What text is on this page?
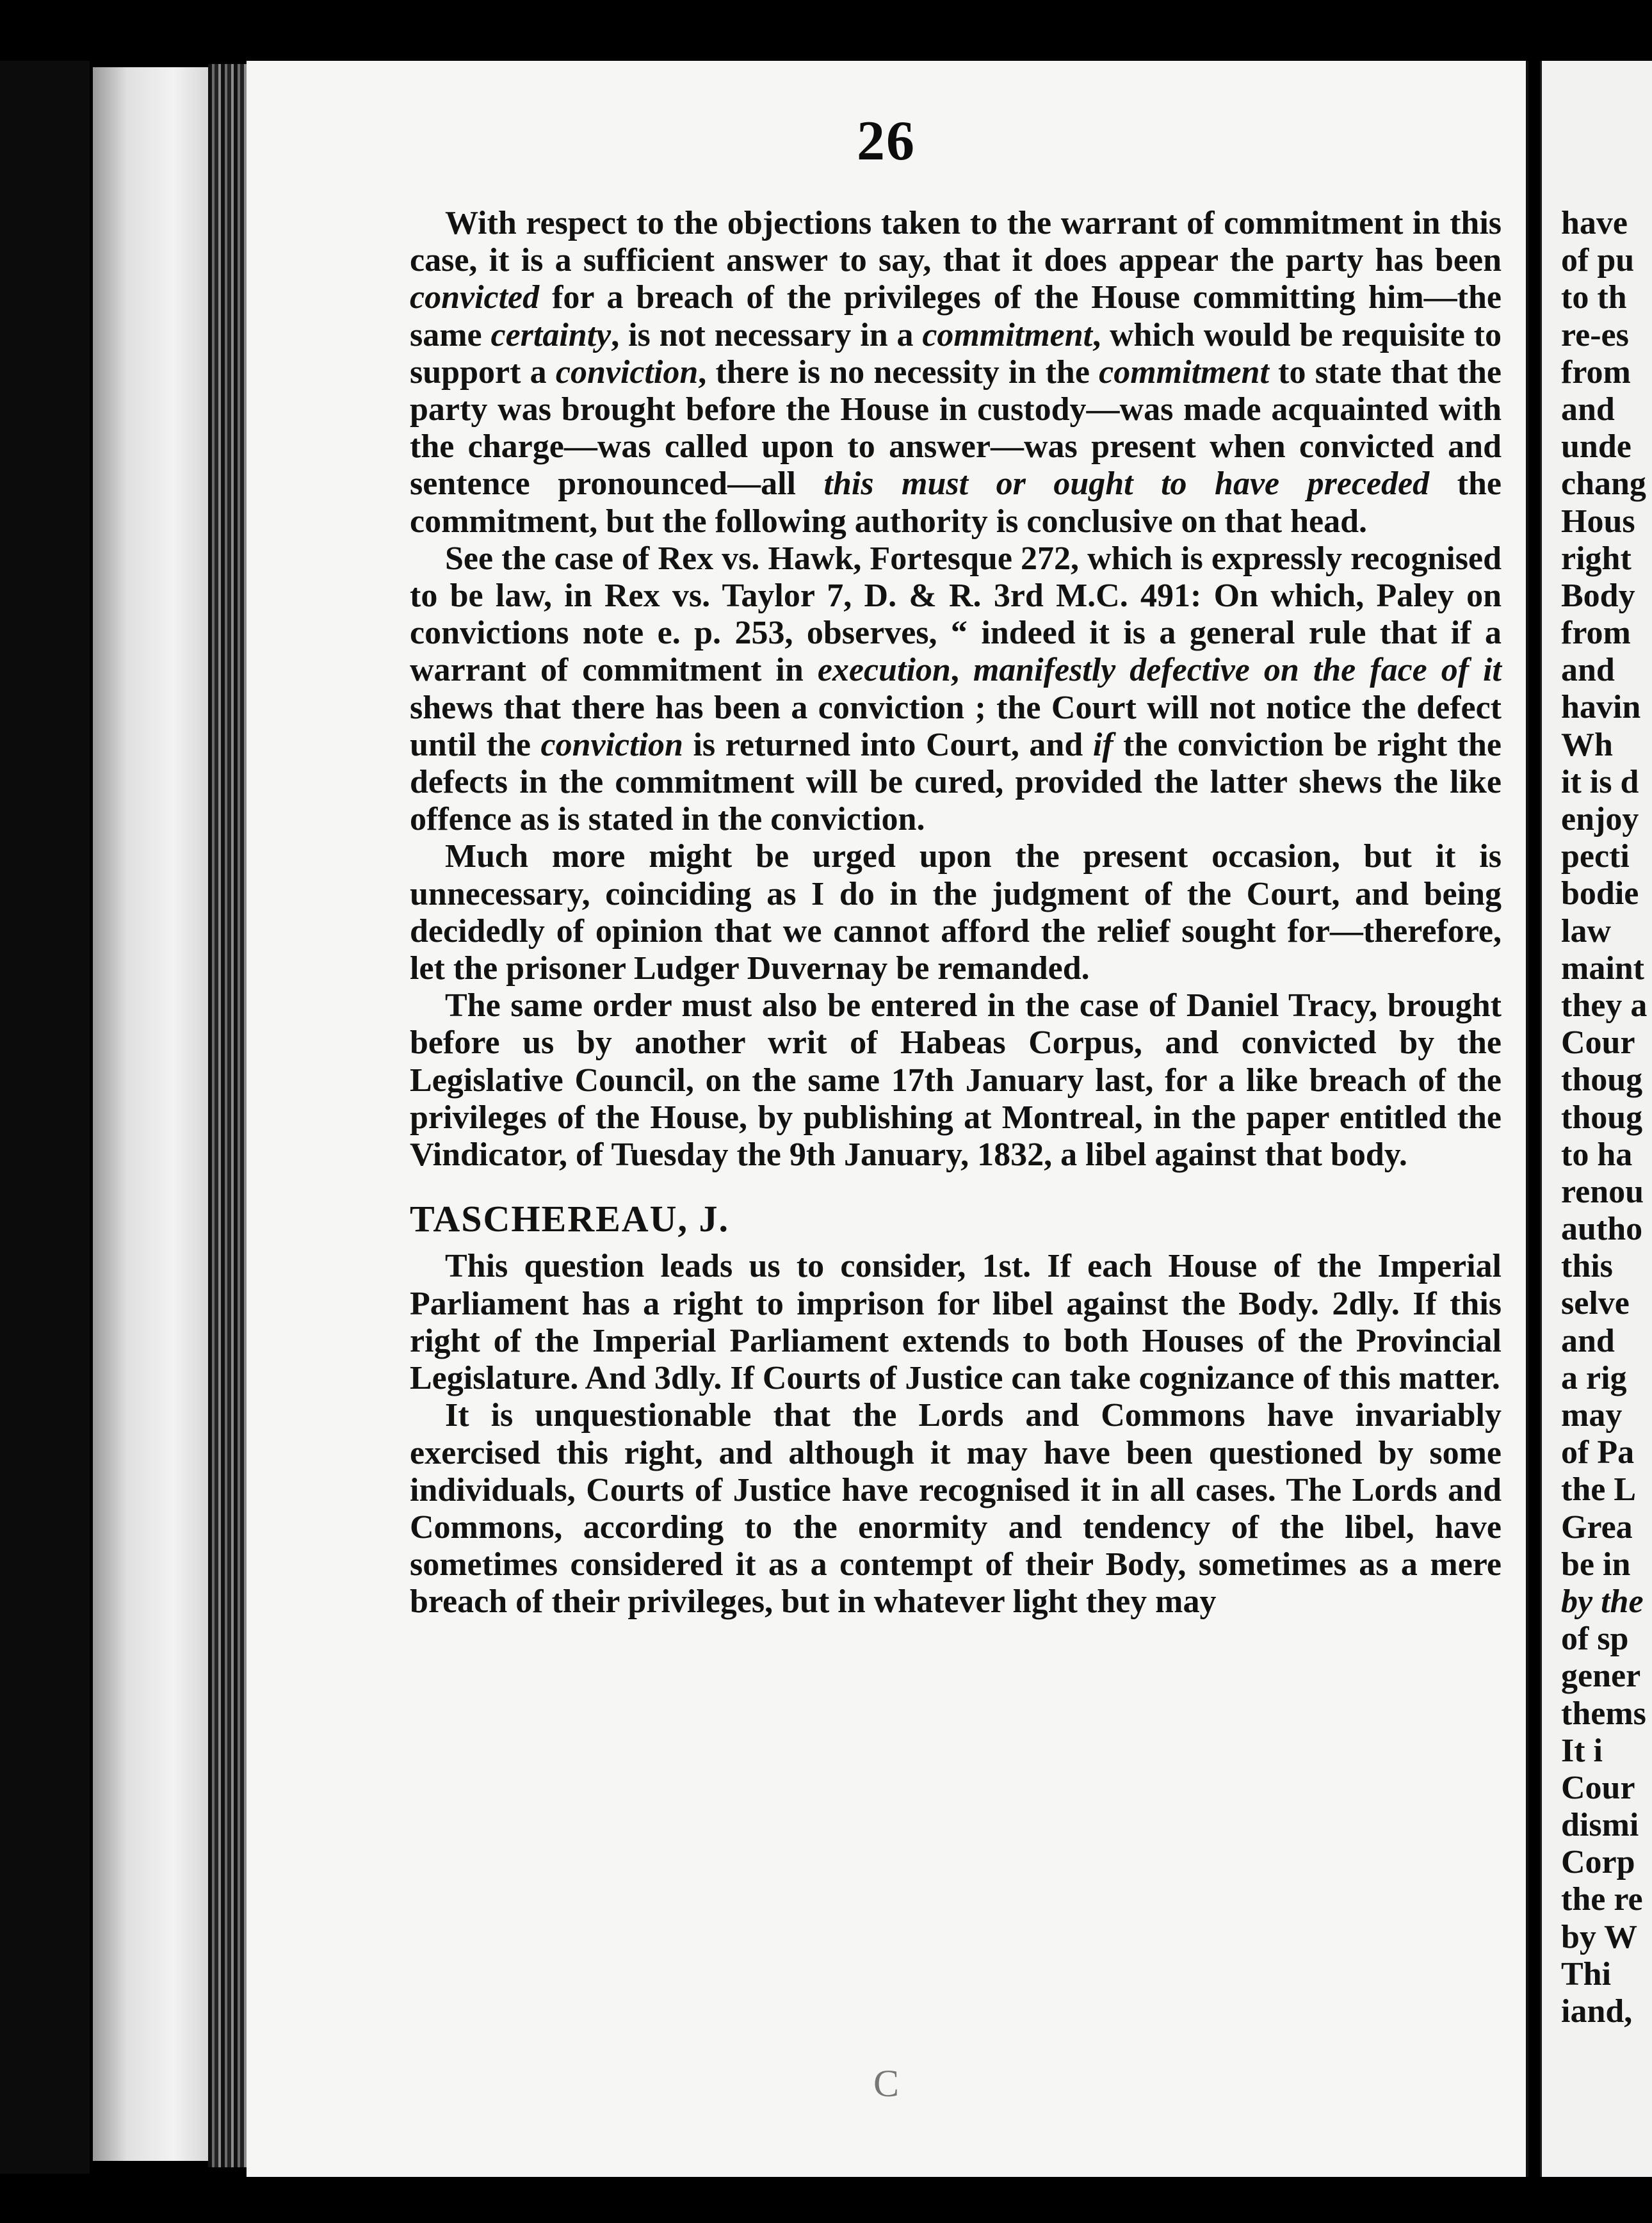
26

With respect to the objections taken to the warrant of commitment in this case, it is a sufficient answer to say, that it does appear the party has been convicted for a breach of the privileges of the House committing him—the same certainty, is not necessary in a commitment, which would be requisite to support a conviction, there is no necessity in the commitment to state that the party was brought before the House in custody—was made acquainted with the charge—was called upon to answer—was present when convicted and sentence pronounced—all this must or ought to have preceded the commitment, but the following authority is conclusive on that head.

See the case of Rex vs. Hawk, Fortesque 272, which is expressly recognised to be law, in Rex vs. Taylor 7, D. & R. 3rd M.C. 491: On which, Paley on convictions note e. p. 253, observes, “ indeed it is a general rule that if a warrant of commitment in execution, manifestly defective on the face of it shews that there has been a conviction ; the Court will not notice the defect until the conviction is returned into Court, and if the conviction be right the defects in the commitment will be cured, provided the latter shews the like offence as is stated in the conviction.

Much more might be urged upon the present occasion, but it is unnecessary, coinciding as I do in the judgment of the Court, and being decidedly of opinion that we cannot afford the relief sought for—therefore, let the prisoner Ludger Duvernay be remanded.

The same order must also be entered in the case of Daniel Tracy, brought before us by another writ of Habeas Corpus, and convicted by the Legislative Council, on the same 17th January last, for a like breach of the privileges of the House, by publishing at Montreal, in the paper entitled the Vindicator, of Tuesday the 9th January, 1832, a libel against that body.

TASCHEREAU, J.

This question leads us to consider, 1st. If each House of the Imperial Parliament has a right to imprison for libel against the Body. 2dly. If this right of the Imperial Parliament extends to both Houses of the Provincial Legislature. And 3dly. If Courts of Justice can take cognizance of this matter.

It is unquestionable that the Lords and Commons have invariably exercised this right, and although it may have been questioned by some individuals, Courts of Justice have recognised it in all cases. The Lords and Commons, according to the enormity and tendency of the libel, have sometimes considered it as a contempt of their Body, sometimes as a mere breach of their privileges, but in whatever light they may

C
have
of pu
to th
re-es
from
and
unde
chang
Hous
right
Body
from
and
havin
Wh
it is d
enjoy
pecti
bodie
law
maint
they a
Cour
thoug
thoug
to ha
renou
autho
this
selve
and
a rig
may
of Pa
the L
Grea
be in
by the
of sp
gener
thems
It i
Cour
dismi
Corp
the re
by W
Thi
iand,
